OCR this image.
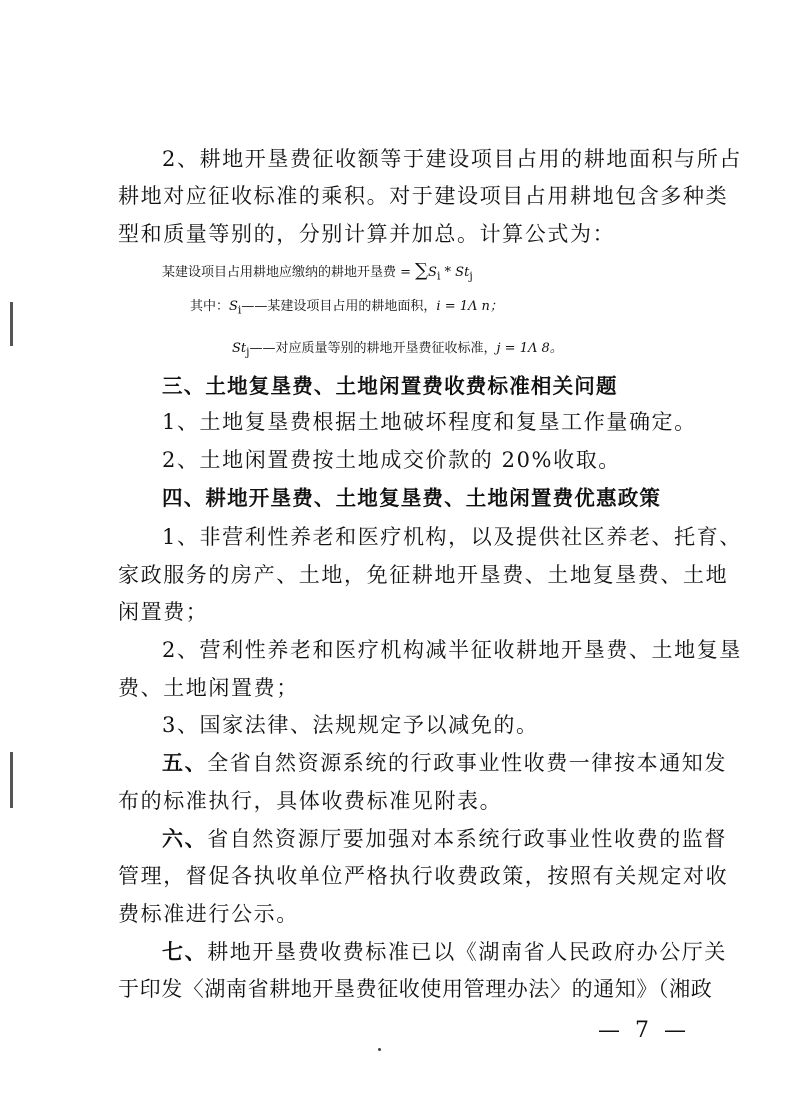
2、耕地开垦费征收额等于建设项目占用的耕地面积与所占
耕地对应征收标准的乘积。对于建设项目占用耕地包含多种类
型和质量等别的，分别计算并加总。计算公式为：
某建设项目占用耕地应缴纳的耕地开垦费 = $\sum S_i * St_j$
其中：$S_i——$某建设项目占用的耕地面积，i = 1Λ n；
$St_j——$对应质量等别的耕地开垦费征收标准，j = 1Λ 8。
三、土地复垦费、土地闲置费收费标准相关问题
1、土地复垦费根据土地破坏程度和复垦工作量确定。
2、土地闲置费按土地成交价款的 20%收取。
四、耕地开垦费、土地复垦费、土地闲置费优惠政策
1、非营利性养老和医疗机构，以及提供社区养老、托育、
家政服务的房产、土地，免征耕地开垦费、土地复垦费、土地
闲置费；
2、营利性养老和医疗机构减半征收耕地开垦费、土地复垦
费、土地闲置费；
3、国家法律、法规规定予以减免的。
五、全省自然资源系统的行政事业性收费一律按本通知发
布的标准执行，具体收费标准见附表。
六、省自然资源厅要加强对本系统行政事业性收费的监督
管理，督促各执收单位严格执行收费政策，按照有关规定对收
费标准进行公示。
七、耕地开垦费收费标准已以《湖南省人民政府办公厅关
于印发〈湖南省耕地开垦费征收使用管理办法〉的通知》（湘政
— 7 —
